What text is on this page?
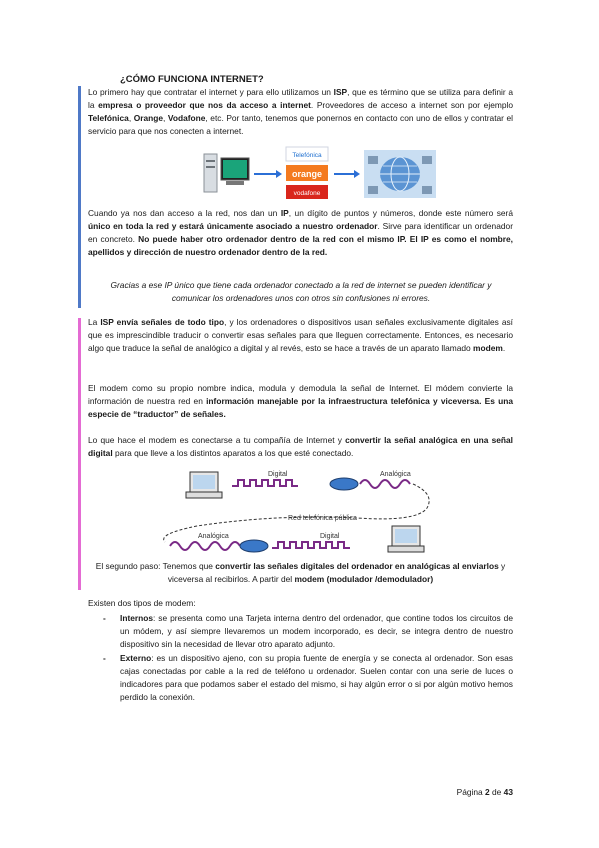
¿CÓMO FUNCIONA INTERNET?

Lo primero hay que contratar el internet y para ello utilizamos un ISP, que es término que se utiliza para definir a la empresa o proveedor que nos da acceso a internet. Proveedores de acceso a internet son por ejemplo Telefónica, Orange, Vodafone, etc. Por tanto, tenemos que ponernos en contacto con uno de ellos y contratar el servicio para que nos conecten a internet.

Telefónica
orange
vodafone

Cuando ya nos dan acceso a la red, nos dan un IP, un dígito de puntos y números, donde este número será único en toda la red y estará únicamente asociado a nuestro ordenador. Sirve para identificar un ordenador en concreto. No puede haber otro ordenador dentro de la red con el mismo IP. El IP es como el nombre, apellidos y dirección de nuestro ordenador dentro de la red.

Gracias a ese IP único que tiene cada ordenador conectado a la red de internet se pueden identificar y comunicar los ordenadores unos con otros sin confusiones ni errores.

La ISP envía señales de todo tipo, y los ordenadores o dispositivos usan señales exclusivamente digitales así que es imprescindible traducir o convertir esas señales para que lleguen correctamente. Entonces, es necesario algo que traduce la señal de analógico a digital y al revés, esto se hace a través de un aparato llamado modem.

El modem como su propio nombre indica, modula y demodula la señal de Internet. El módem convierte la información de nuestra red en información manejable por la infraestructura telefónica y viceversa. Es una especie de “traductor” de señales.

Lo que hace el modem es conectarse a tu compañía de Internet y convertir la señal analógica en una señal digital para que lleve a los distintos aparatos a los que esté conectado.

Digital	Analógica
Red telefónica pública
Analógica	Digital
El segundo paso: Tenemos que convertir las señales digitales del ordenador en analógicas al enviarlos y viceversa al recibirlos. A partir del modem (modulador /demodulador)
Existen dos tipos de modem:
- Internos: se presenta como una Tarjeta interna dentro del ordenador, que contine todos los circuitos de un módem, y así siempre llevaremos un modem incorporado, es decir, se integra dentro de nuestro dispositivo sin la necesidad de llevar otro aparato adjunto.
- Externo: es un dispositivo ajeno, con su propia fuente de energía y se conecta al ordenador. Son esas cajas conectadas por cable a la red de teléfono u ordenador. Suelen contar con una serie de luces o indicadores para que podamos saber el estado del mismo, si hay algún error o si por algún motivo hemos perdido la conexión.
Página 2 de 43
